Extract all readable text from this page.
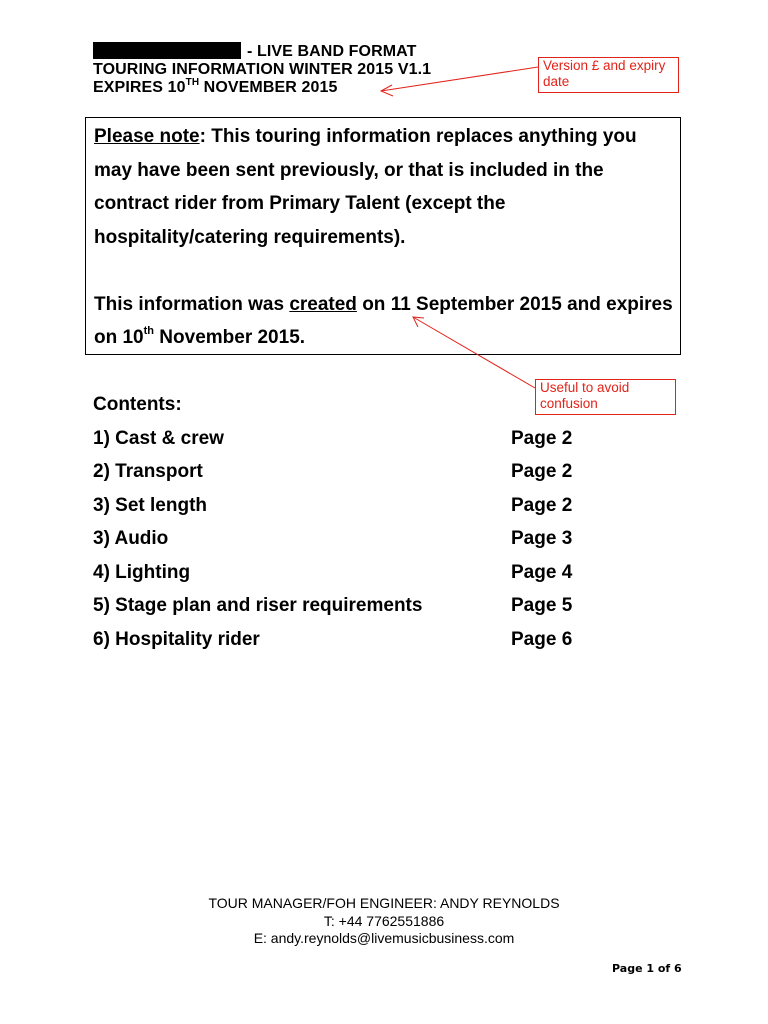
- LIVE BAND FORMAT
TOURING INFORMATION WINTER 2015 V1.1
EXPIRES 10TH NOVEMBER 2015
Version £ and expiry date

Please note: This touring information replaces anything you may have been sent previously, or that is included in the contract rider from Primary Talent (except the hospitality/catering requirements).

This information was created on 11 September 2015 and expires on 10th November 2015.

Useful to avoid confusion
Contents:
1) Cast & crew	Page 2
2) Transport	Page 2
3) Set length	Page 2
3) Audio	Page 3
4) Lighting	Page 4
5) Stage plan and riser requirements	Page 5
6) Hospitality rider	Page 6
TOUR MANAGER/FOH ENGINEER: ANDY REYNOLDS
T: +44 7762551886
E: andy.reynolds@livemusicbusiness.com
Page 1 of 6
